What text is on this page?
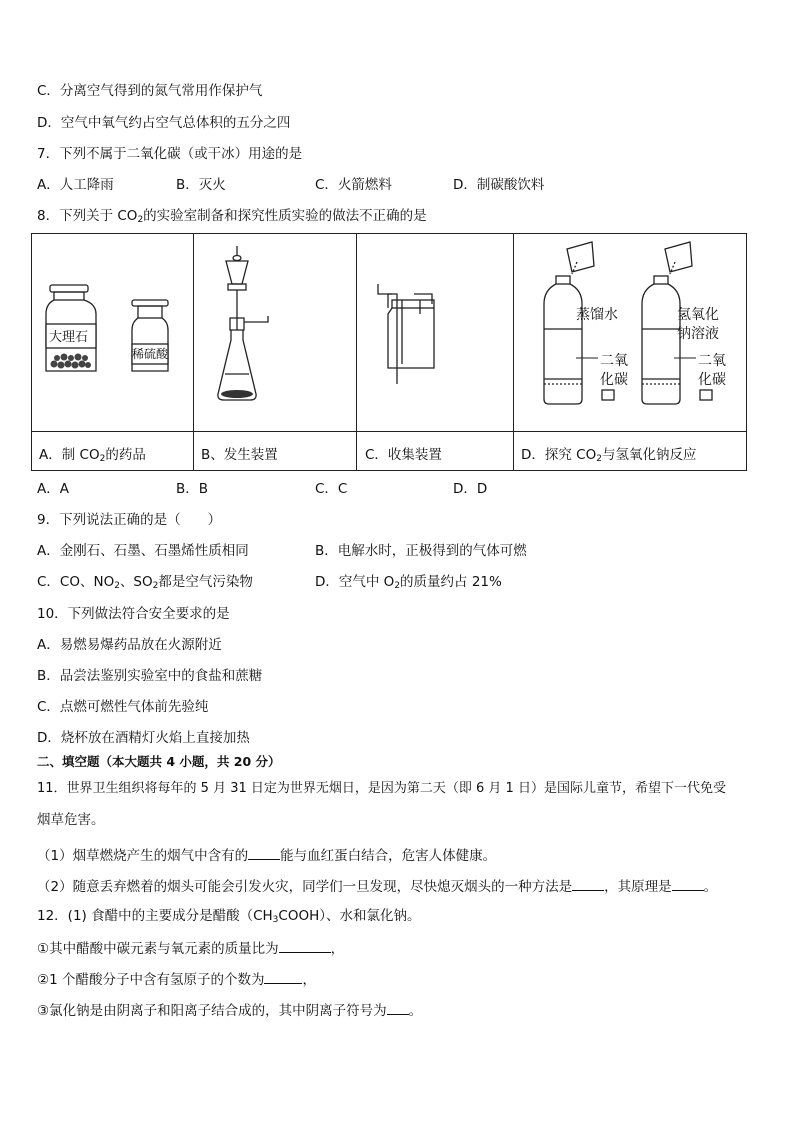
C．分离空气得到的氮气常用作保护气
D．空气中氧气约占空气总体积的五分之四
7．下列不属于二氧化碳（或干冰）用途的是
A．人工降雨	B．灭火	C．火箭燃料	D．制碳酸饮料
8．下列关于 $CO_2$的实验室制备和探究性质实验的做法不正确的是
大理石
稀硫酸
蒸馏水
二氧
化碳
氢氧化
钠溶液
二氧
化碳
A．制 $CO_2$的药品	B、发生装置	C．收集装置	D．探究 $CO_2$与氢氧化钠反应
A．A	B．B	C．C	D．D
9．下列说法正确的是（　　）
A．金刚石、石墨、石墨烯性质相同	B．电解水时，正极得到的气体可燃
C．CO、$NO_2$、$SO_2$都是空气污染物	D．空气中 $O_2$的质量约占 21%
10．下列做法符合安全要求的是
A．易燃易爆药品放在火源附近
B．品尝法鉴别实验室中的食盐和蔗糖
C．点燃可燃性气体前先验纯
D．烧杯放在酒精灯火焰上直接加热
二、填空题（本大题共 4 小题，共 20 分）
11．世界卫生组织将每年的 5 月 31 日定为世界无烟日，是因为第二天（即 6 月 1 日）是国际儿童节，希望下一代免受
烟草危害。
（1）烟草燃烧产生的烟气中含有的 能与血红蛋白结合，危害人体健康。
（2）随意丢弃燃着的烟头可能会引发火灾，同学们一旦发现，尽快熄灭烟头的一种方法是 ，其原理是 。
12．(1) 食醋中的主要成分是醋酸$(CH_3COOH)$、水和氯化钠。
①其中醋酸中碳元素与氧元素的质量比为	，
②1 个醋酸分子中含有氢原子的个数为	，
③氯化钠是由阴离子和阳离子结合成的，其中阴离子符号为 。
